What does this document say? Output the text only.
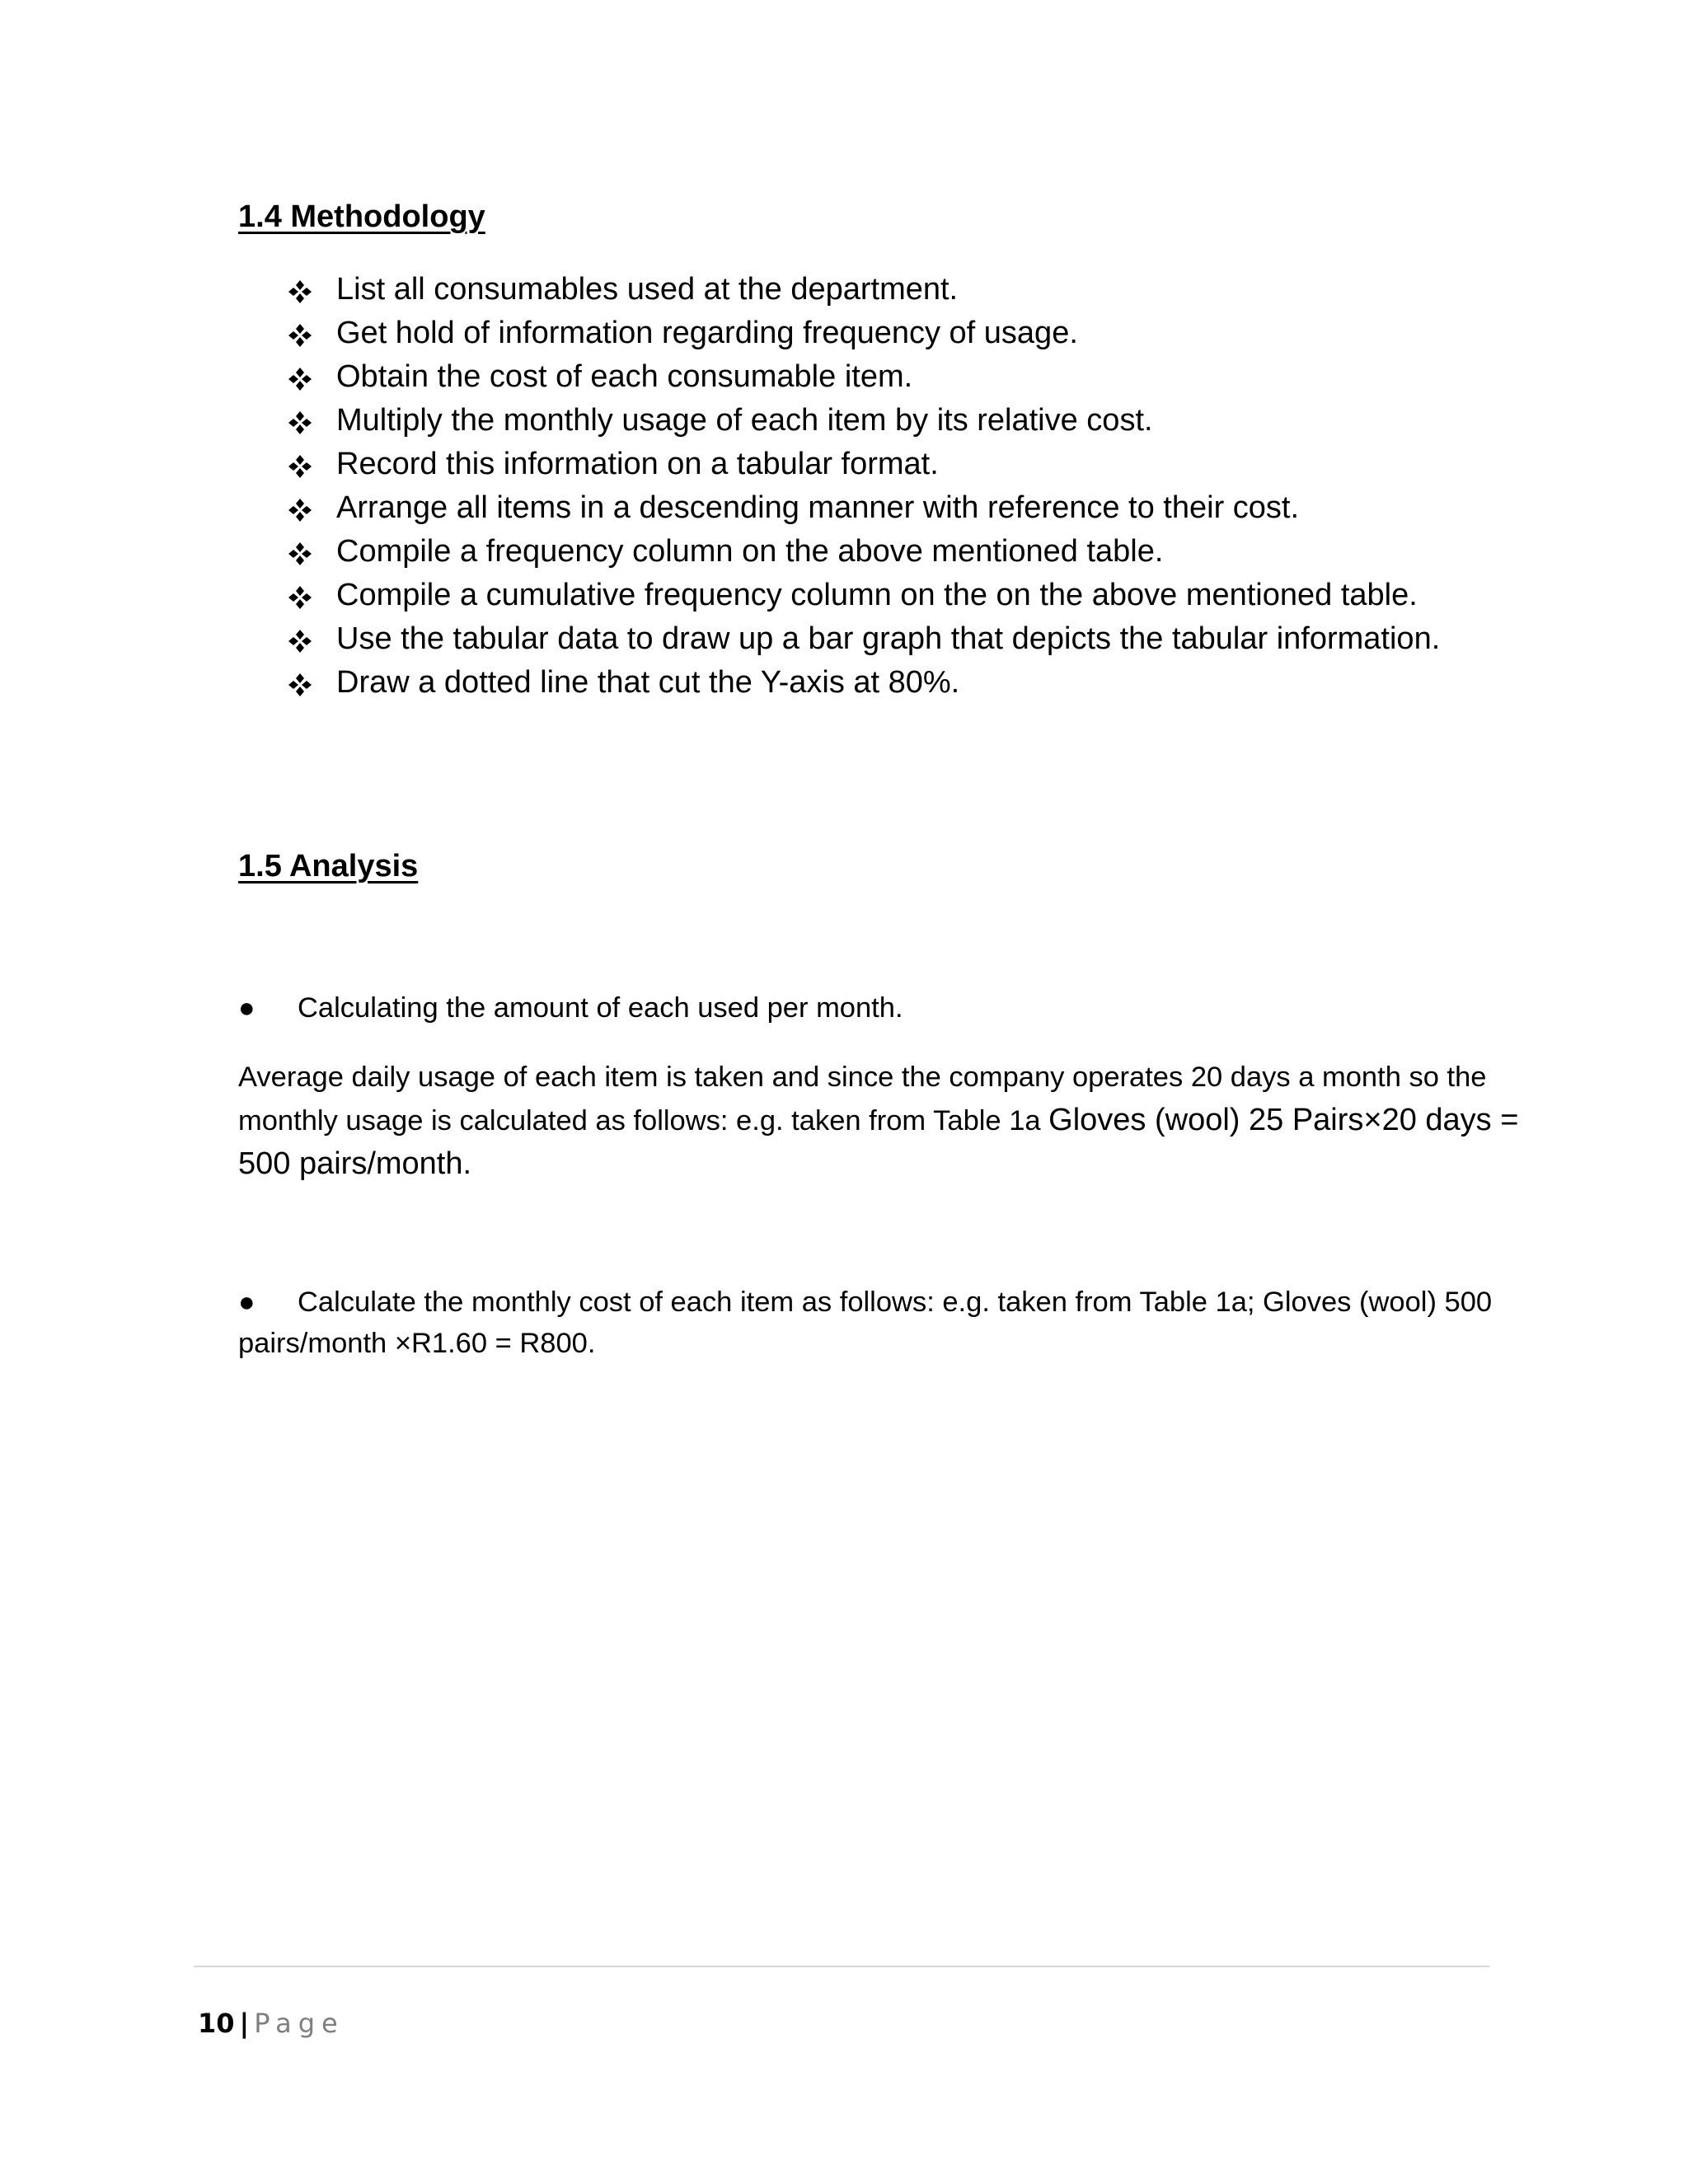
1.4 Methodology
List all consumables used at the department.
Get hold of information regarding frequency of usage.
Obtain the cost of each consumable item.
Multiply the monthly usage of each item by its relative cost.
Record this information on a tabular format.
Arrange all items in a descending manner with reference to their cost.
Compile a frequency column on the above mentioned table.
Compile a cumulative frequency column on the on the above mentioned table.
Use the tabular data to draw up a bar graph that depicts the tabular information.
Draw a dotted line that cut the Y-axis at 80%.
1.5 Analysis
● Calculating the amount of each used per month.

Average daily usage of each item is taken and since the company operates 20 days a month so the monthly usage is calculated as follows: e.g. taken from Table 1a Gloves (wool) 25 Pairs×20 days = 500 pairs/month.

● Calculate the monthly cost of each item as follows: e.g. taken from Table 1a; Gloves (wool) 500 pairs/month ×R1.60 = R800.
10 | Page
